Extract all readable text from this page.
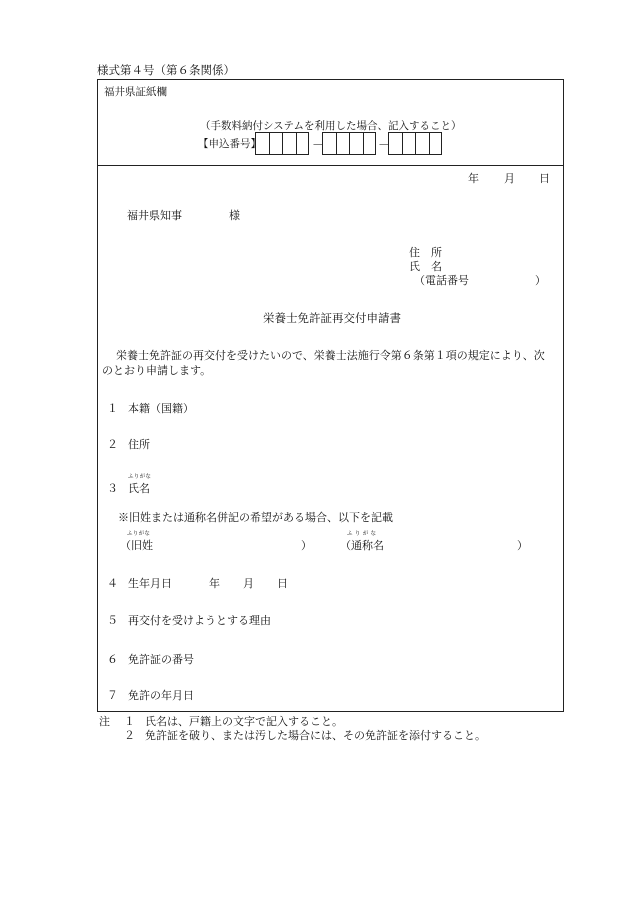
様式第４号（第６条関係）
福井県証紙欄
（手数料納付システムを利用した場合、記入すること）
【申込番号】	－	－
年 月 日
福井県知事	様
住　所
氏　名
（電話番号	）
栄養士免許証再交付申請書
栄養士免許証の再交付を受けたいので、栄養士法施行令第６条第１項の規定により、次
のとおり申請します。
１ 本籍（国籍）
２ 住所
３
ふりがな
氏名
※旧姓または通称名併記の希望がある場合、以下を記載
ふりがな
（旧姓	）
ふ り が な
（通称名	）
４ 生年月日	年 月 日
５ 再交付を受けようとする理由
６ 免許証の番号
７ 免許の年月日
注 １ 氏名は、戸籍上の文字で記入すること。
２ 免許証を破り、または汚した場合には、その免許証を添付すること。
